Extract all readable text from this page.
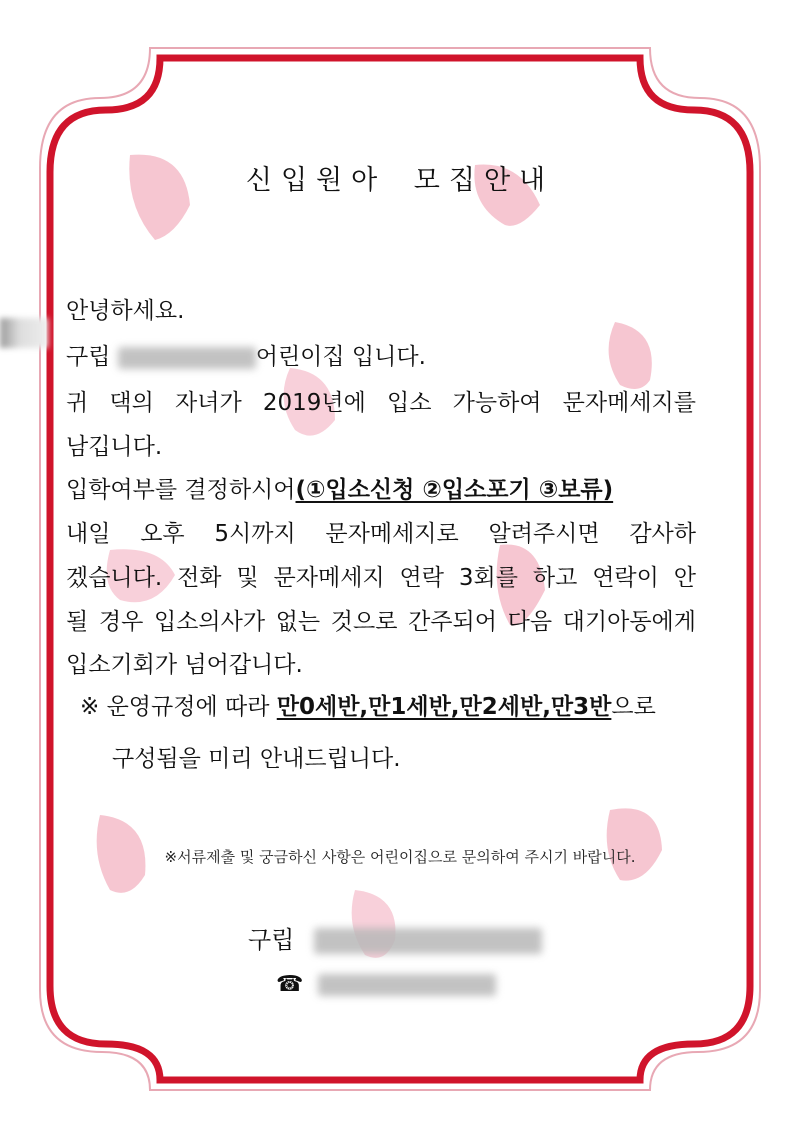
신입원아 모집안내
안녕하세요.
구립	어린이집 입니다.
귀 댁의 자녀가 2019년에 입소 가능하여 문자메세지를
남깁니다.
입학여부를 결정하시어(①입소신청 ②입소포기 ③보류)
내일 오후 5시까지 문자메세지로 알려주시면 감사하
겠습니다. 전화 및 문자메세지 연락 3회를 하고 연락이 안
될 경우 입소의사가 없는 것으로 간주되어 다음 대기아동에게
입소기회가 넘어갑니다.
※ 운영규정에 따라 만0세반,만1세반,만2세반,만3반으로
구성됨을 미리 안내드립니다.
※서류제출 및 궁금하신 사항은 어린이집으로 문의하여 주시기 바랍니다.
구립
☎
